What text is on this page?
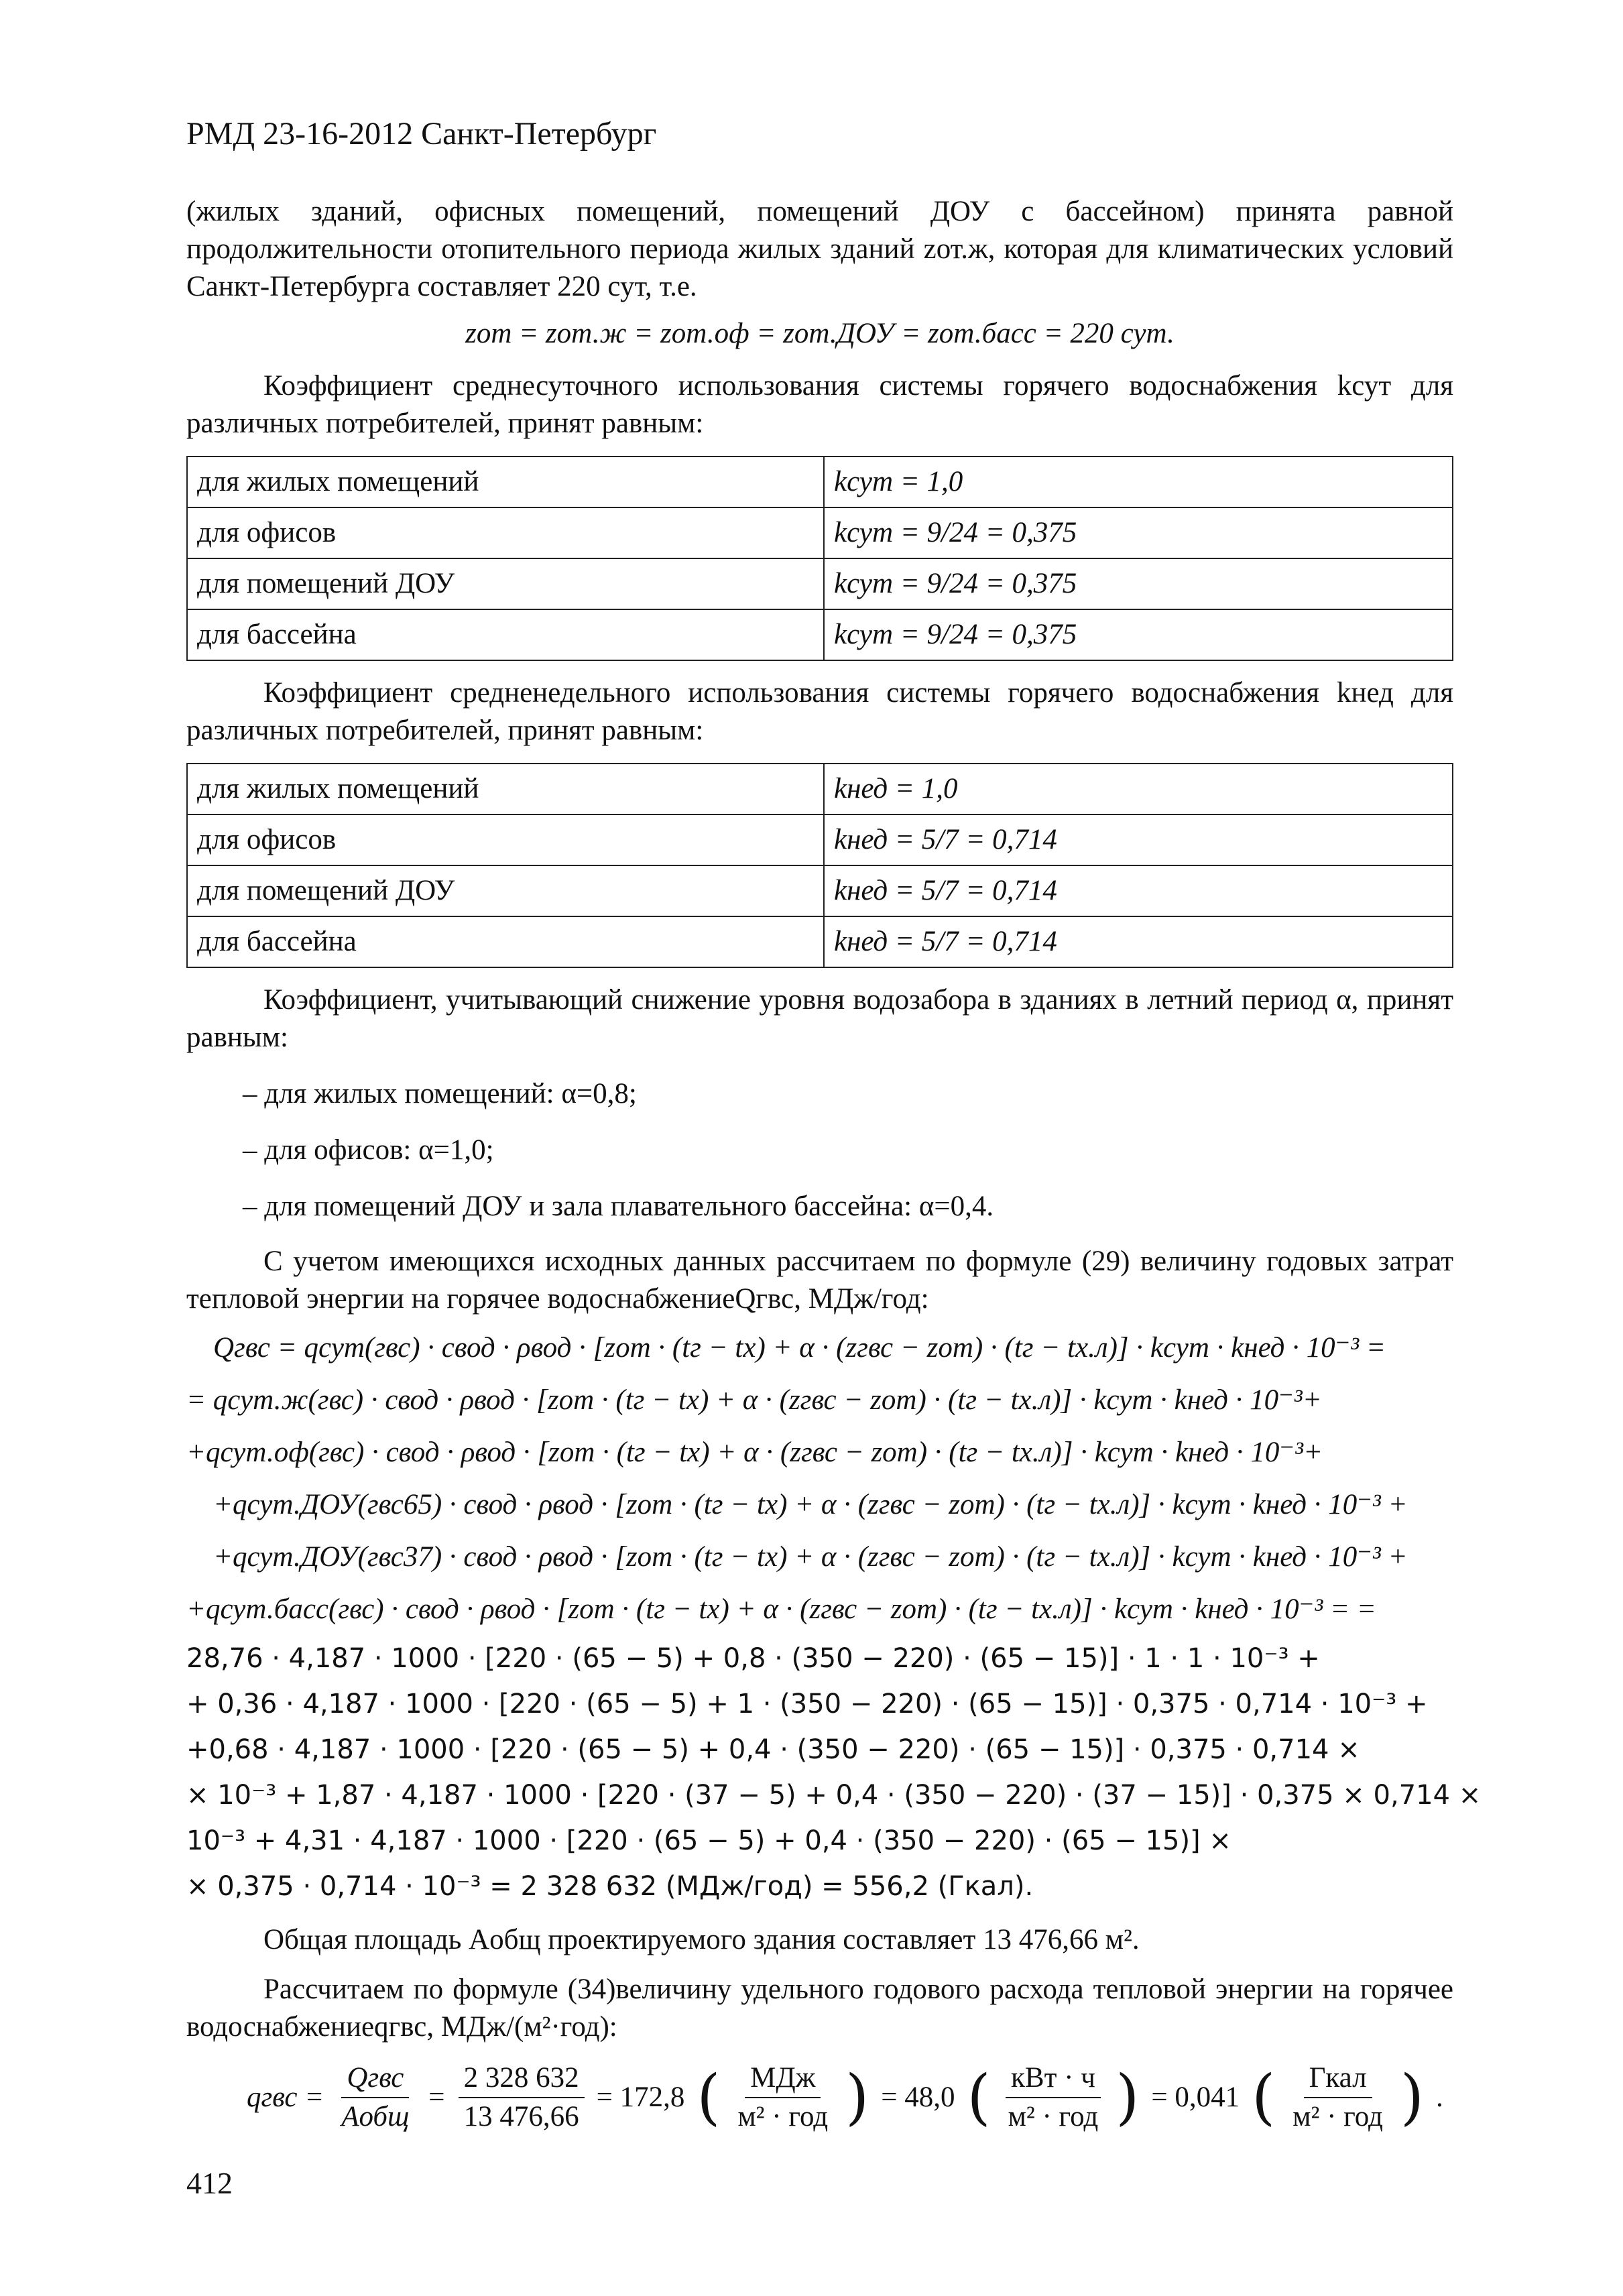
РМД 23-16-2012 Санкт-Петербург

(жилых зданий, офисных помещений, помещений ДОУ с бассейном) принята равной продолжительности отопительного периода жилых зданий zот.ж, которая для климатических условий Санкт-Петербурга составляет 220 сут, т.е.

zот = zот.ж = zот.оф = zот.ДОУ = zот.басс = 220 сут.

Коэффициент среднесуточного использования системы горячего водоснабжения kсут для различных потребителей, принят равным:

для жилых помещений	kсут = 1,0
для офисов	kсут = 9/24 = 0,375
для помещений ДОУ	kсут = 9/24 = 0,375
для бассейна	kсут = 9/24 = 0,375

Коэффициент средненедельного использования системы горячего водоснабжения kнед для различных потребителей, принят равным:

для жилых помещений	kнед = 1,0
для офисов	kнед = 5/7 = 0,714
для помещений ДОУ	kнед = 5/7 = 0,714
для бассейна	kнед = 5/7 = 0,714

Коэффициент, учитывающий снижение уровня водозабора в зданиях в летний период α, принят равным:

– для жилых помещений: α=0,8;
– для офисов: α=1,0;
– для помещений ДОУ и зала плавательного бассейна: α=0,4.

С учетом имеющихся исходных данных рассчитаем по формуле (29) величину годовых затрат тепловой энергии на горячее водоснабжениеQгвс, МДж/год:

Qгвс = qсут(гвс) · cвод · ρвод · [zот · (tг − tх) + α · (zгвс − zот) · (tг − tх.л)] · kсут · kнед · 10⁻³ =

= qсут.ж(гвс) · cвод · ρвод · [zот · (tг − tх) + α · (zгвс − zот) · (tг − tх.л)] · kсут · kнед · 10⁻³+

+qсут.оф(гвс) · cвод · ρвод · [zот · (tг − tх) + α · (zгвс − zот) · (tг − tх.л)] · kсут · kнед · 10⁻³+

+qсут.ДОУ(гвс65) · cвод · ρвод · [zот · (tг − tх) + α · (zгвс − zот) · (tг − tх.л)] · kсут · kнед · 10⁻³ +

+qсут.ДОУ(гвс37) · cвод · ρвод · [zот · (tг − tх) + α · (zгвс − zот) · (tг − tх.л)] · kсут · kнед · 10⁻³ +

+qсут.басс(гвс) · cвод · ρвод · [zот · (tг − tх) + α · (zгвс − zот) · (tг − tх.л)] · kсут · kнед · 10⁻³ = =

28,76 · 4,187 · 1000 · [220 · (65 − 5) + 0,8 · (350 − 220) · (65 − 15)] · 1 · 1 · 10⁻³ +

+ 0,36 · 4,187 · 1000 · [220 · (65 − 5) + 1 · (350 − 220) · (65 − 15)] · 0,375 · 0,714 · 10⁻³ +

+0,68 · 4,187 · 1000 · [220 · (65 − 5) + 0,4 · (350 − 220) · (65 − 15)] · 0,375 · 0,714 ×

× 10⁻³ + 1,87 · 4,187 · 1000 · [220 · (37 − 5) + 0,4 · (350 − 220) · (37 − 15)] · 0,375 × 0,714 ×

10⁻³ + 4,31 · 4,187 · 1000 · [220 · (65 − 5) + 0,4 · (350 − 220) · (65 − 15)] ×

× 0,375 · 0,714 · 10⁻³ = 2 328 632 (МДж/год) = 556,2 (Гкал).

Общая площадь Aобщ проектируемого здания составляет 13 476,66 м².

Рассчитаем по формуле (34)величину удельного годового расхода тепловой энергии на горячее водоснабжениеqгвс, МДж/(м²·год):

qгвс = $\frac{\text{Qгвс}}{\text{Aобщ}} = \frac{2 328 632}{13 476,66} = 172,8$ ( $\frac{\text{МДж}}{\text{м² · год}}$ ) = 48,0 ( $\frac{\text{кВт · ч}}{\text{м² · год}}$ ) = 0,041 ( $\frac{\text{Гкал}}{\text{м² · год}}$ ) .
412
